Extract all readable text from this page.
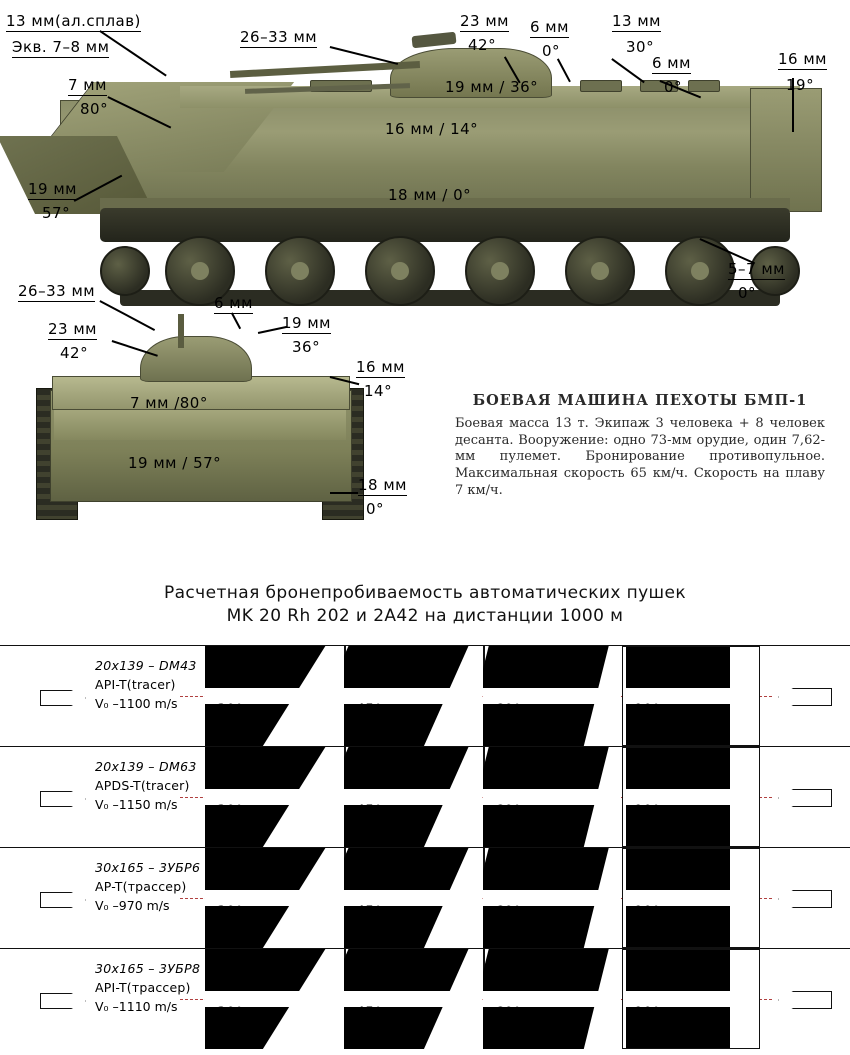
13 мм(ал.сплав)
Экв. 7–8 мм
7 мм
80°
19 мм
57°
26–33 мм
23 мм
42°
6 мм
0°
13 мм
30°
6 мм
0°
16 мм
19°
19 мм / 36°
16 мм / 14°
18 мм / 0°
5–7 мм
0°
26–33 мм
23 мм
42°
6 мм
19 мм
36°
16 мм
14°
7 мм /80°
19 мм / 57°
18 мм
0°
БОЕВАЯ МАШИНА ПЕХОТЫ БМП-1
Боевая масса 13 т. Экипаж 3 человека + 8 человек десанта. Вооружение: одно 73-мм орудие, один 7,62-мм пулемет. Бронирование противопульное. Максимальная скорость 65 км/ч. Скорость на плаву 7 км/ч.
Расчетная бронепробиваемость автоматических пушек
MK 20 Rh 202 и 2А42 на дистанции 1000 м
20x139 – DM43
API-T(tracer)
V₀ –1100 m/s
8 мм
30°
16 мм
45°
24 мм
60°
32 мм
90°
20x139 – DM63
APDS-T(tracer)
V₀ –1150 m/s
17мм
30°
35 мм
45°
52 мм
60°
70 мм
90°
30x165 – 3УБР6
AP-T(трассер)
V₀ –970 m/s
8 мм
30°
13 мм
45°
18 мм
60°
28 мм
90°
30x165 – 3УБР8
API-T(трассер)
V₀ –1110 m/s
10мм
30°
20 мм
45°
28 мм
60°
38 мм
90°
